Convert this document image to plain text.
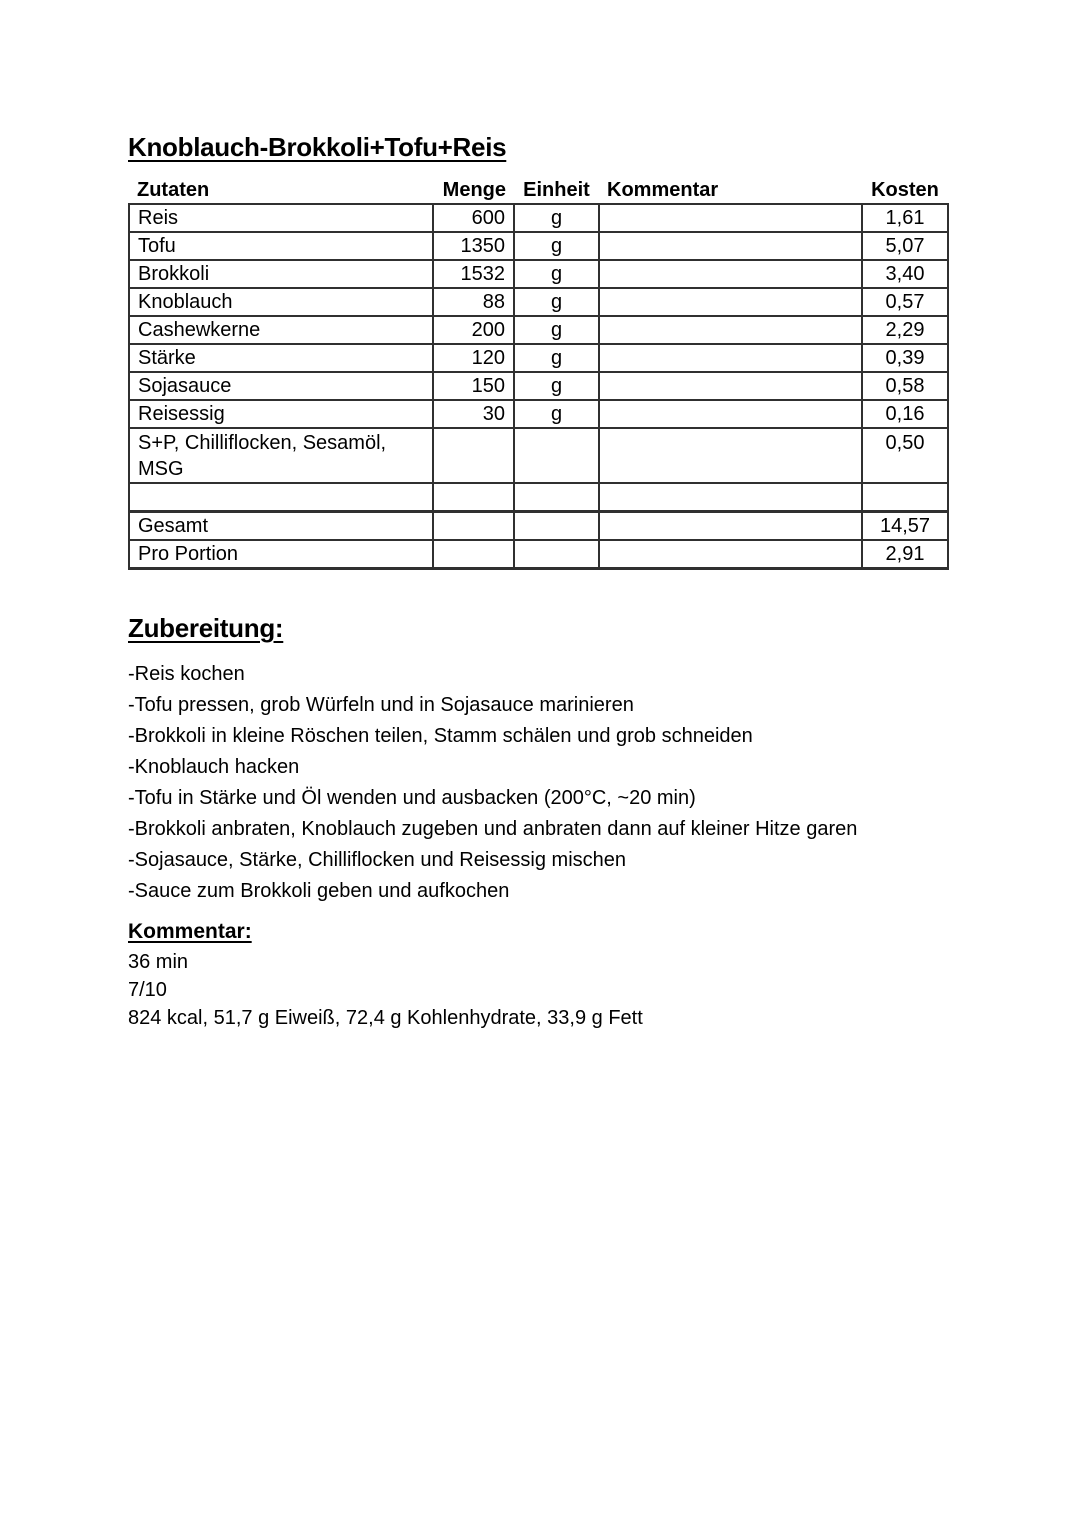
Knoblauch-Brokkoli+Tofu+Reis
Zutaten	Menge	Einheit	Kommentar	Kosten
Reis	600	g		1,61
Tofu	1350	g		5,07
Brokkoli	1532	g		3,40
Knoblauch	88	g		0,57
Cashewkerne	200	g		2,29
Stärke	120	g		0,39
Sojasauce	150	g		0,58
Reisessig	30	g		0,16
S+P, Chilliflocken, Sesamöl, MSG				0,50

Gesamt				14,57
Pro Portion				2,91
Zubereitung:

-Reis kochen

-Tofu pressen, grob Würfeln und in Sojasauce marinieren

-Brokkoli in kleine Röschen teilen, Stamm schälen und grob schneiden

-Knoblauch hacken

-Tofu in Stärke und Öl wenden und ausbacken (200°C, ~20 min)

-Brokkoli anbraten, Knoblauch zugeben und anbraten dann auf kleiner Hitze garen

-Sojasauce, Stärke, Chilliflocken und Reisessig mischen

-Sauce zum Brokkoli geben und aufkochen

Kommentar:

36 min

7/10

824 kcal, 51,7 g Eiweiß, 72,4 g Kohlenhydrate, 33,9 g Fett
